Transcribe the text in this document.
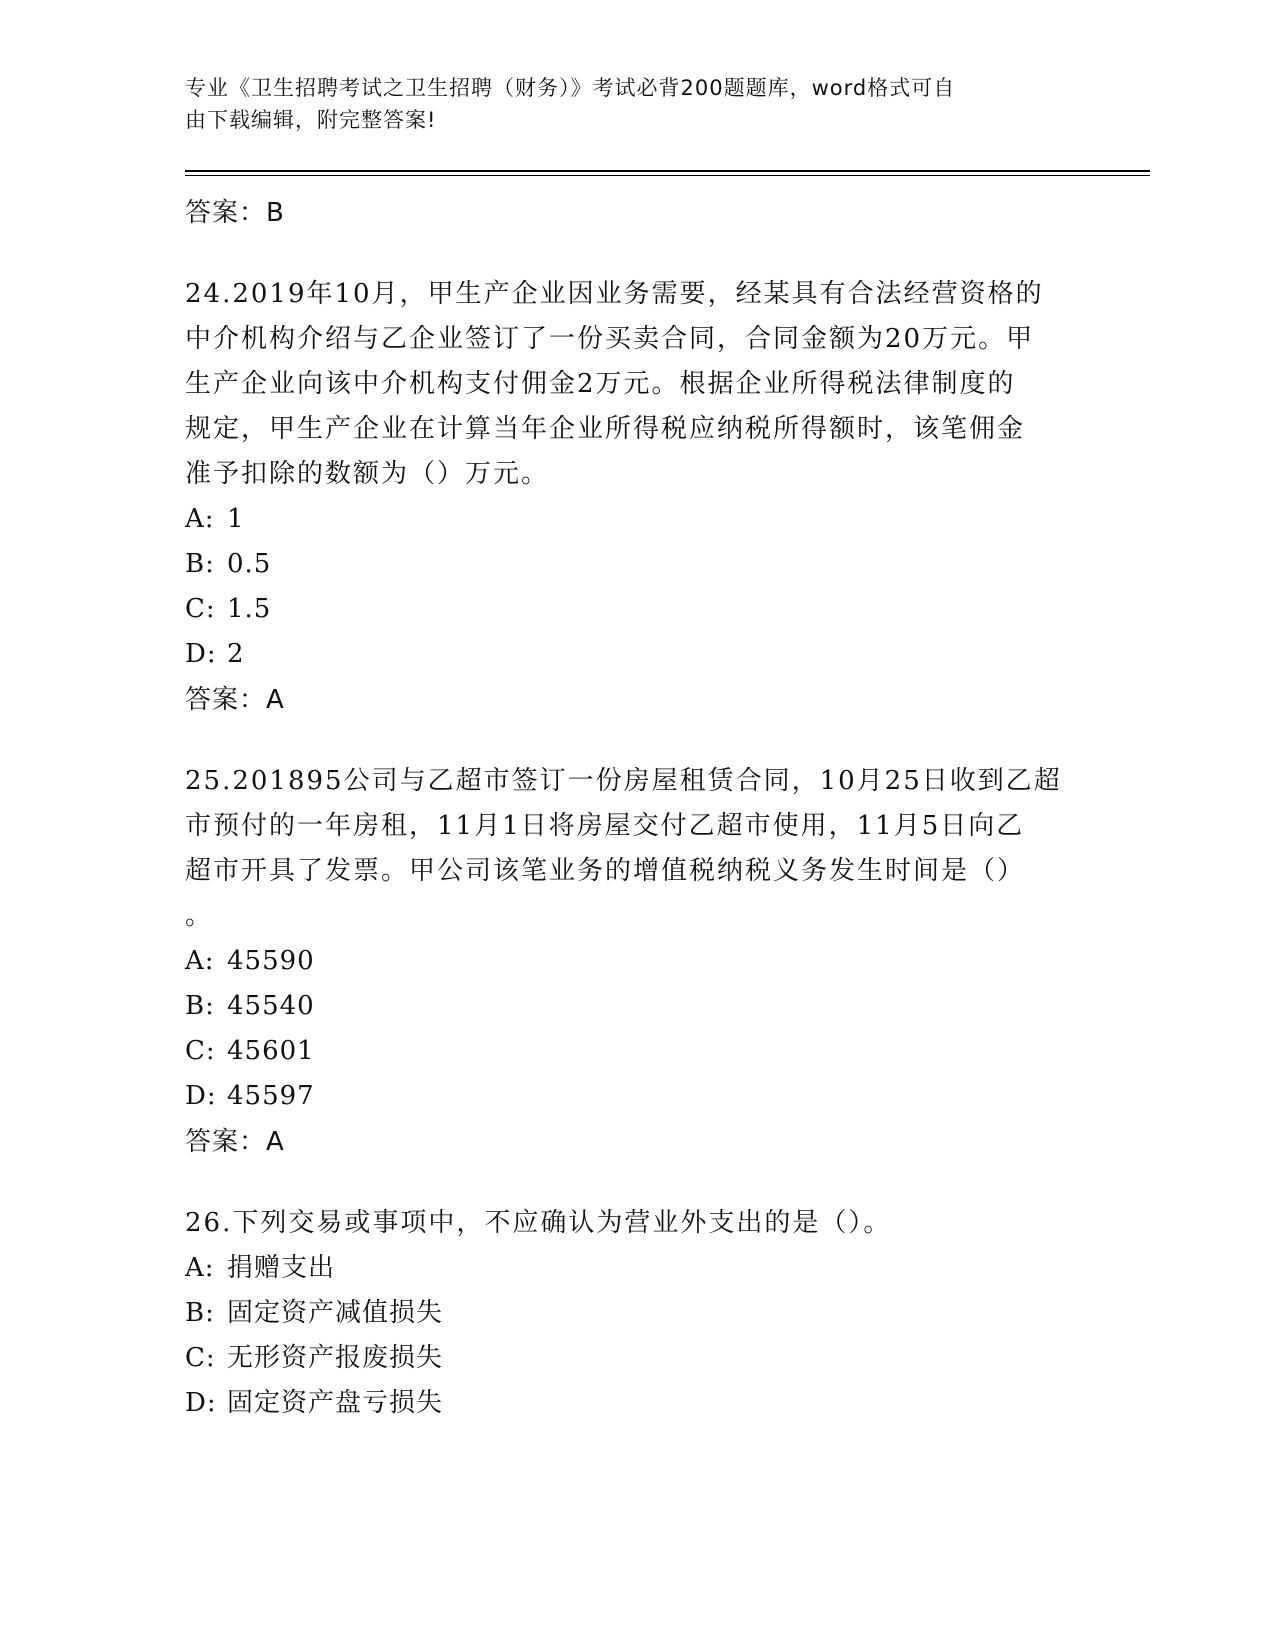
专业《卫生招聘考试之卫生招聘（财务）》考试必背200题题库，word格式可自
由下载编辑，附完整答案!
答案：B
24.2019年10月，甲生产企业因业务需要，经某具有合法经营资格的
中介机构介绍与乙企业签订了一份买卖合同，合同金额为20万元。甲
生产企业向该中介机构支付佣金2万元。根据企业所得税法律制度的
规定，甲生产企业在计算当年企业所得税应纳税所得额时，该笔佣金
准予扣除的数额为（）万元。
A: 1
B: 0.5
C: 1.5
D: 2
答案：A
25.201895公司与乙超市签订一份房屋租赁合同，10月25日收到乙超
市预付的一年房租，11月1日将房屋交付乙超市使用，11月5日向乙
超市开具了发票。甲公司该笔业务的增值税纳税义务发生时间是（）
。
A: 45590
B: 45540
C: 45601
D: 45597
答案：A
26.下列交易或事项中，不应确认为营业外支出的是（）。
A: 捐赠支出
B: 固定资产减值损失
C: 无形资产报废损失
D: 固定资产盘亏损失
